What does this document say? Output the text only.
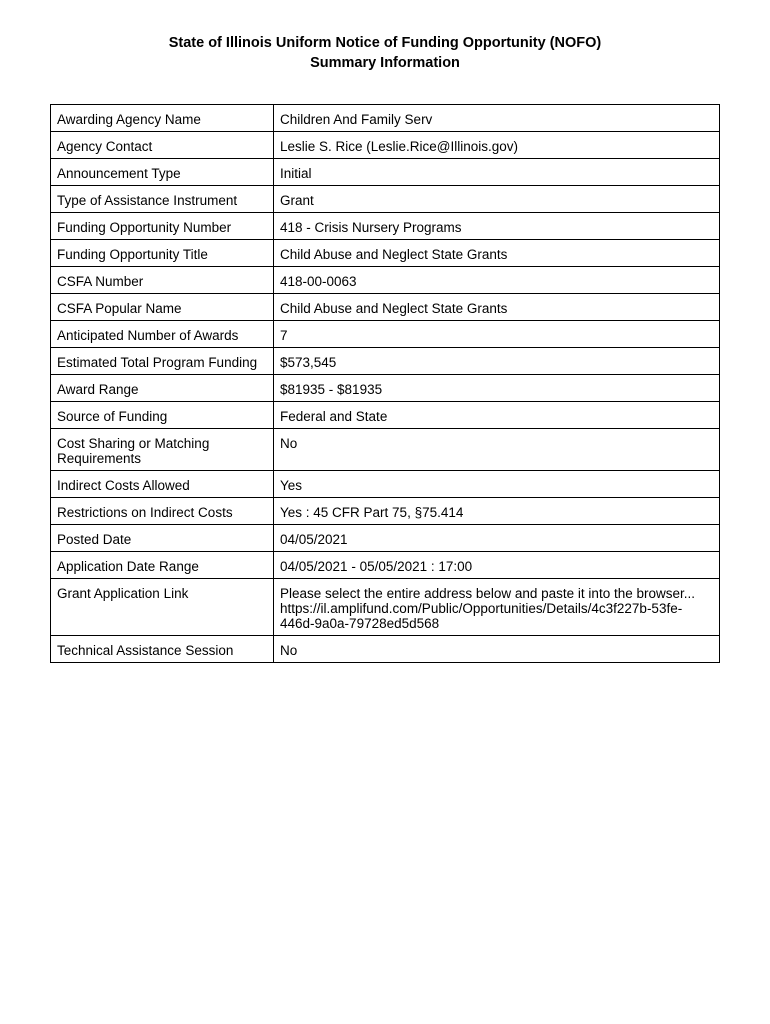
State of Illinois Uniform Notice of Funding Opportunity (NOFO)

Summary Information

Awarding Agency Name	Children And Family Serv
Agency Contact	Leslie S. Rice (Leslie.Rice@Illinois.gov)
Announcement Type	Initial
Type of Assistance Instrument	Grant
Funding Opportunity Number	418 - Crisis Nursery Programs
Funding Opportunity Title	Child Abuse and Neglect State Grants
CSFA Number	418-00-0063
CSFA Popular Name	Child Abuse and Neglect State Grants
Anticipated Number of Awards	7
Estimated Total Program Funding	$573,545
Award Range	$81935 - $81935
Source of Funding	Federal and State
Cost Sharing or Matching Requirements	No
Indirect Costs Allowed	Yes
Restrictions on Indirect Costs	Yes : 45 CFR Part 75, §75.414
Posted Date	04/05/2021
Application Date Range	04/05/2021 - 05/05/2021 : 17:00
Grant Application Link	Please select the entire address below and paste it into the browser... https://il.amplifund.com/Public/Opportunities/Details/4c3f227b-53fe-446d-9a0a-79728ed5d568
Technical Assistance Session	No
